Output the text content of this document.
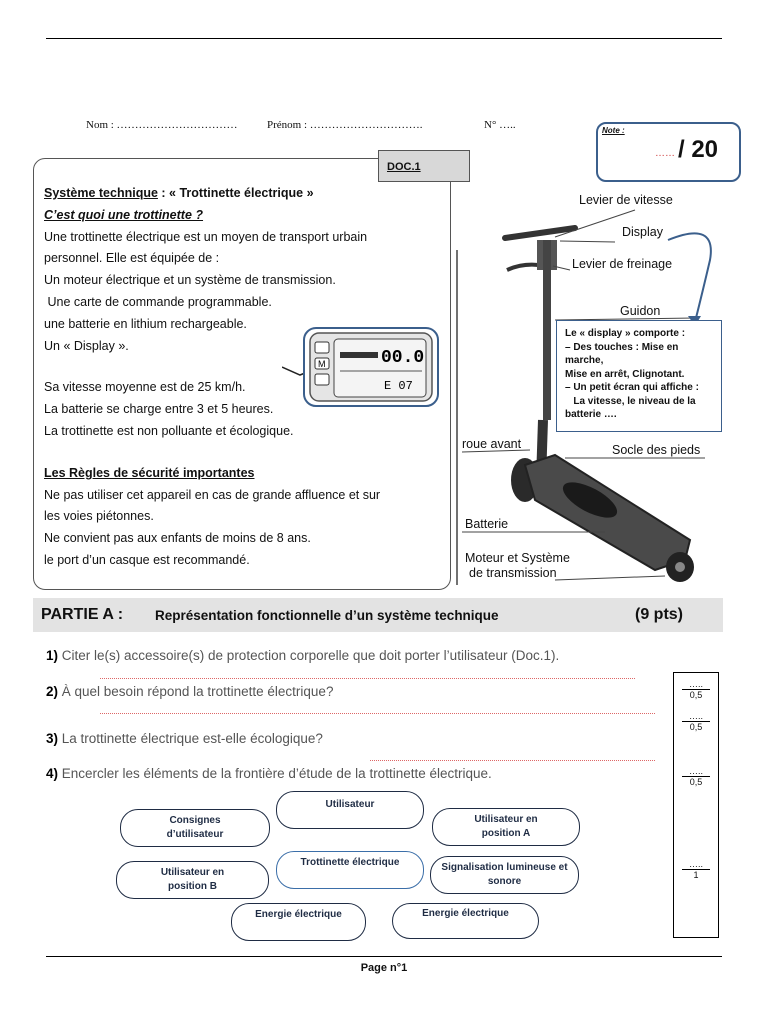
Nom : ……………………………	Prénom : ………………………….	N° …..	Note :
…… / 20
DOC.1
Système technique : « Trottinette électrique »
C’est quoi une trottinette ?
Une trottinette électrique est un moyen de transport urbain
personnel. Elle est équipée de :
Un moteur électrique et un système de transmission.
Une carte de commande programmable.
une batterie en lithium rechargeable.
Un « Display ».
Sa vitesse moyenne est de 25 km/h.
La batterie se charge entre 3 et 5 heures.
La trottinette est non polluante et écologique.
Les Règles de sécurité importantes
Ne pas utiliser cet appareil en cas de grande affluence et sur
les voies piétonnes.
Ne convient pas aux enfants de moins de 8 ans.
le port d’un casque est recommandé.
M	00.0
E 07
Levier de vitesse
Display
Levier de freinage
Guidon
roue avant	Socle des pieds
Batterie
Moteur et Système
de transmission
Le « display » comporte :
– Des touches : Mise en marche,
Mise en arrêt, Clignotant.
– Un petit écran qui affiche :
La vitesse, le niveau de la
batterie ….
PARTIE A : Représentation fonctionnelle d’un système technique	(9 pts)
1) Citer le(s) accessoire(s) de protection corporelle que doit porter l’utilisateur (Doc.1).
2) À quel besoin répond la trottinette électrique?
3) La trottinette électrique est-elle écologique?
4) Encercler les éléments de la frontière d’étude de la trottinette électrique.
…..
0,5
…..
0,5
…..
0,5
…..
1
Consignes d’utilisateur
Utilisateur
Utilisateur en position A
Utilisateur en position B
Trottinette électrique	Signalisation lumineuse et sonore
Energie électrique	Energie électrique
Page n°1
